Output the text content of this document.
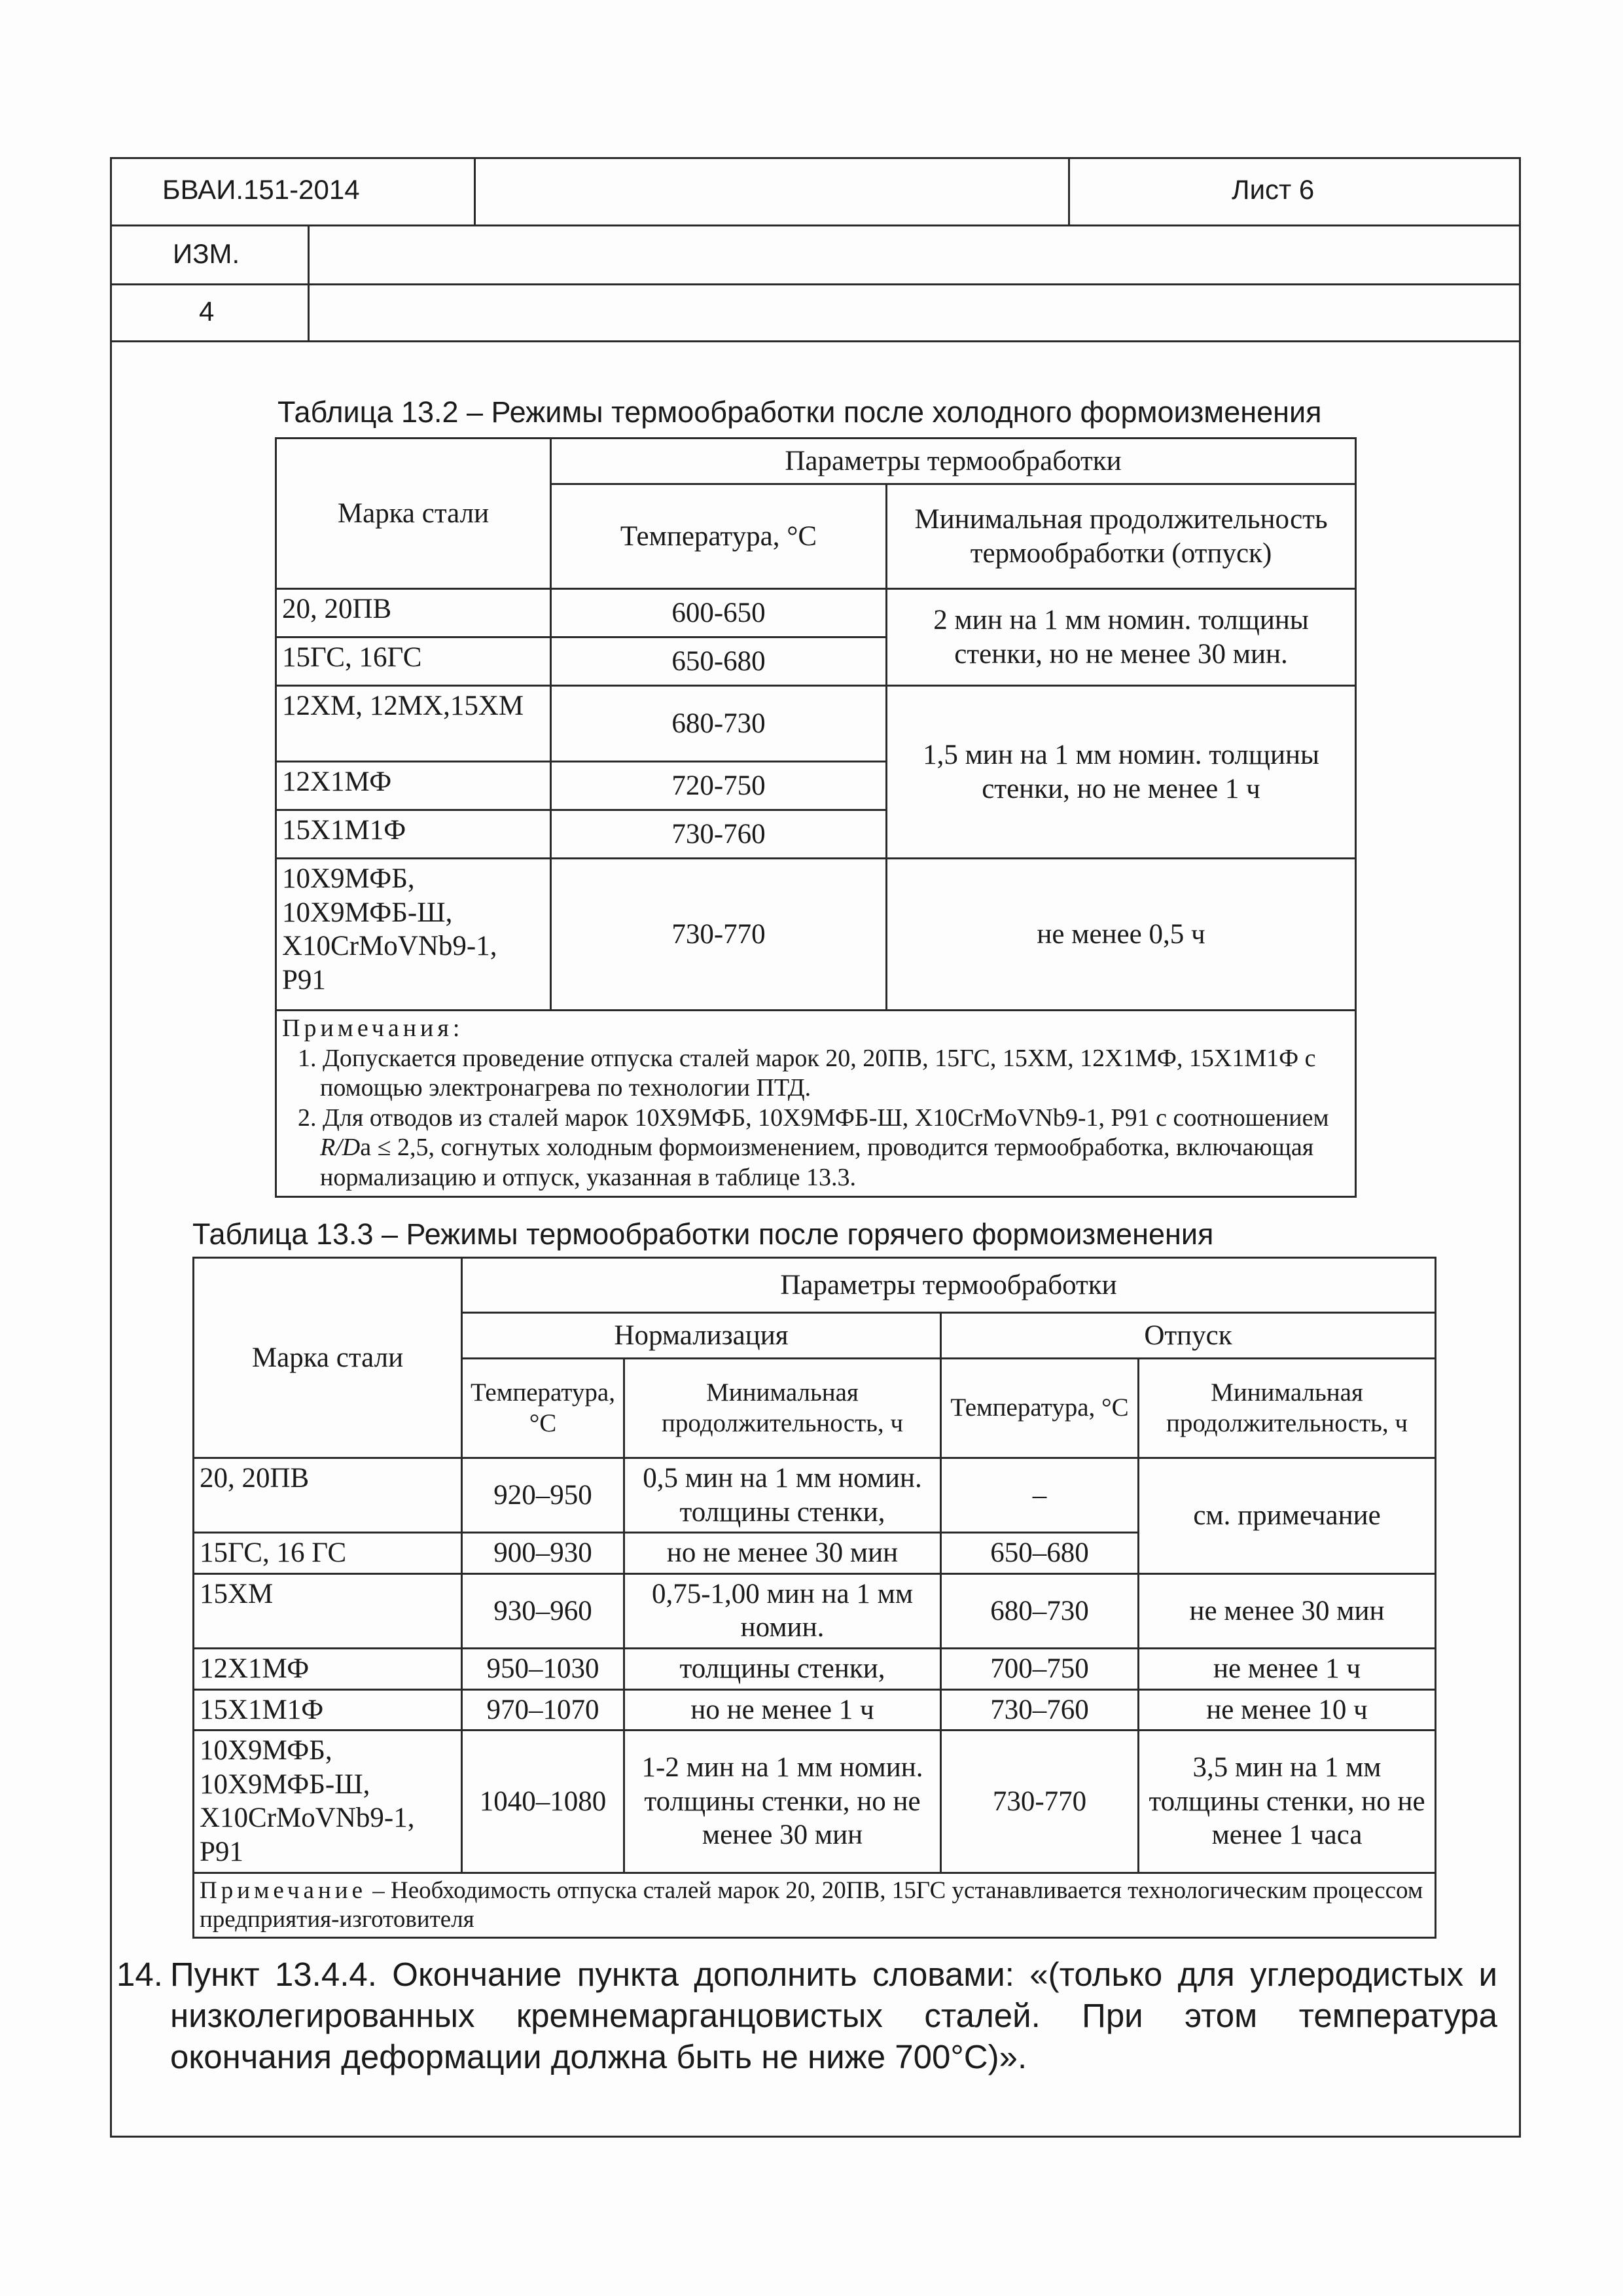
БВАИ.151-2014	Лист 6
ИЗМ.
4
Таблица 13.2 – Режимы термообработки после холодного формоизменения
Марка стали	Параметры термообработки	
	Температура, °С	Минимальная продолжительность термообработки (отпуск)
20, 20ПВ	600-650	2 мин на 1 мм номин. толщины стенки, но не менее 30 мин.
15ГС, 16ГС	650-680	
12ХМ, 12МХ,15ХМ	680-730	1,5 мин на 1 мм номин. толщины стенки, но не менее 1 ч
12Х1МФ	720-750	
15Х1М1Ф	730-760	
10Х9МФБ, 10Х9МФБ-Ш, X10CrMoVNb9-1, Р91	730-770	не менее 0,5 ч

Примечания:
1. Допускается проведение отпуска сталей марок 20, 20ПВ, 15ГС, 15ХМ, 12Х1МФ, 15Х1М1Ф с помощью электронагрева по технологии ПТД.
2. Для отводов из сталей марок 10Х9МФБ, 10Х9МФБ-Ш, X10CrMoVNb9-1, Р91 с соотношением R/Da ≤ 2,5, согнутых холодным формоизменением, проводится термообработка, включающая нормализацию и отпуск, указанная в таблице 13.3.		
Таблица 13.3 – Режимы термообработки после горячего формоизменения
Марка стали	Параметры термообработки			
	Нормализация		Отпуск	
	Температура, °С	Минимальная продолжительность, ч	Температура, °С	Минимальная продолжительность, ч
20, 20ПВ	920–950	0,5 мин на 1 мм номин. толщины стенки,	–	см. примечание
15ГС, 16 ГС	900–930	но не менее 30 мин	650–680	
15ХМ	930–960	0,75-1,00 мин на 1 мм номин.	680–730	не менее 30 мин
12Х1МФ	950–1030	толщины стенки,	700–750	не менее 1 ч
15Х1М1Ф	970–1070	но не менее 1 ч	730–760	не менее 10 ч
10Х9МФБ, 10Х9МФБ-Ш, X10CrMoVNb9-1, Р91	1040–1080	1-2 мин на 1 мм номин. толщины стенки, но не менее 30 мин	730-770	3,5 мин на 1 мм толщины стенки, но не менее 1 часа
Примечание – Необходимость отпуска сталей марок 20, 20ПВ, 15ГС устанавливается технологическим процессом предприятия-изготовителя				
14. Пункт 13.4.4. Окончание пункта дополнить словами: «(только для углеродистых и низколегированных кремнемарганцовистых сталей. При этом температура окончания деформации должна быть не ниже 700°С)».
